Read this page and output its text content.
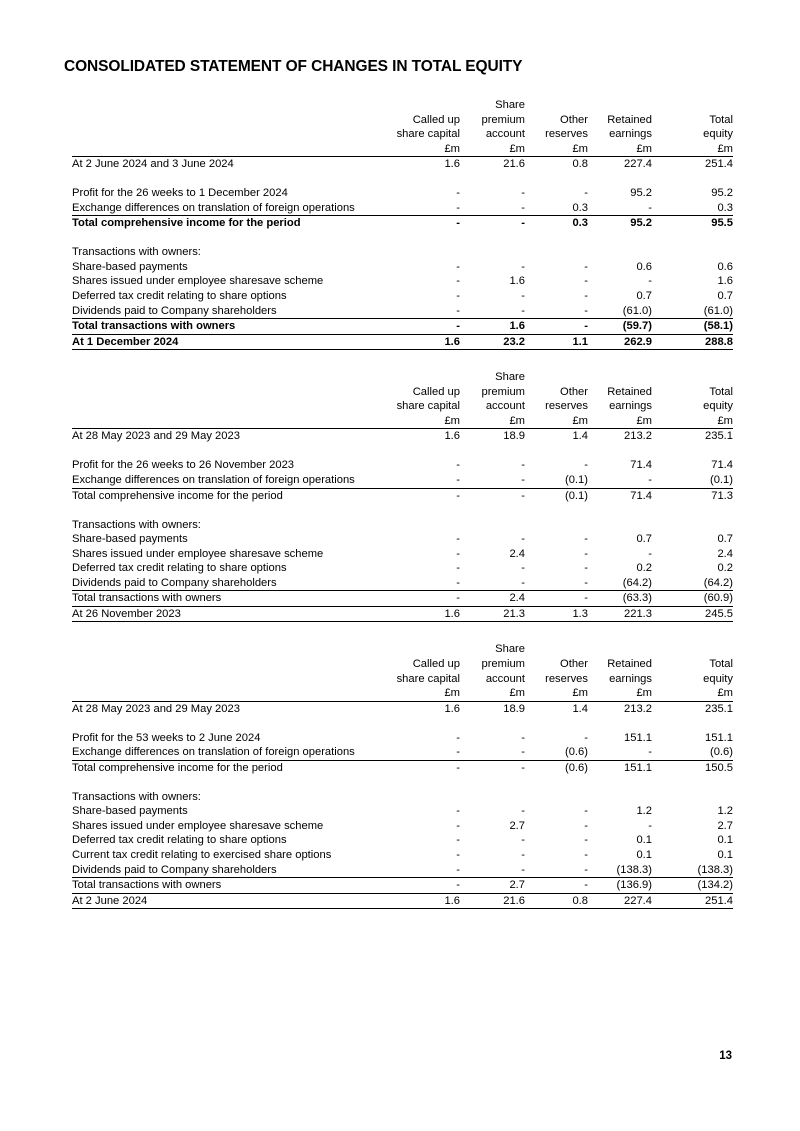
CONSOLIDATED STATEMENT OF CHANGES IN TOTAL EQUITY
		Share			
	Called up	premium	Other	Retained	Total
	share capital	account	reserves	earnings	equity
	£m	£m	£m	£m	£m
At 2 June 2024 and 3 June 2024	1.6	21.6	0.8	227.4	251.4

Profit for the 26 weeks to 1 December 2024	-	-	-	95.2	95.2
Exchange differences on translation of foreign operations	-	-	0.3	-	0.3
Total comprehensive income for the period	-	-	0.3	95.2	95.5

Transactions with owners:					
Share-based payments	-	-	-	0.6	0.6
Shares issued under employee sharesave scheme	-	1.6	-	-	1.6
Deferred tax credit relating to share options	-	-	-	0.7	0.7
Dividends paid to Company shareholders	-	-	-	(61.0)	(61.0)
Total transactions with owners	-	1.6	-	(59.7)	(58.1)
At 1 December 2024	1.6	23.2	1.1	262.9	288.8
		Share			
	Called up	premium	Other	Retained	Total
	share capital	account	reserves	earnings	equity
	£m	£m	£m	£m	£m
At 28 May 2023 and 29 May 2023	1.6	18.9	1.4	213.2	235.1

Profit for the 26 weeks to 26 November 2023	-	-	-	71.4	71.4
Exchange differences on translation of foreign operations	-	-	(0.1)	-	(0.1)
Total comprehensive income for the period	-	-	(0.1)	71.4	71.3

Transactions with owners:					
Share-based payments	-	-	-	0.7	0.7
Shares issued under employee sharesave scheme	-	2.4	-	-	2.4
Deferred tax credit relating to share options	-	-	-	0.2	0.2
Dividends paid to Company shareholders	-	-	-	(64.2)	(64.2)
Total transactions with owners	-	2.4	-	(63.3)	(60.9)
At 26 November 2023	1.6	21.3	1.3	221.3	245.5
		Share			
	Called up	premium	Other	Retained	Total
	share capital	account	reserves	earnings	equity
	£m	£m	£m	£m	£m
At 28 May 2023 and 29 May 2023	1.6	18.9	1.4	213.2	235.1

Profit for the 53 weeks to 2 June 2024	-	-	-	151.1	151.1
Exchange differences on translation of foreign operations	-	-	(0.6)	-	(0.6)
Total comprehensive income for the period	-	-	(0.6)	151.1	150.5

Transactions with owners:					
Share-based payments	-	-	-	1.2	1.2
Shares issued under employee sharesave scheme	-	2.7	-	-	2.7
Deferred tax credit relating to share options	-	-	-	0.1	0.1
Current tax credit relating to exercised share options	-	-	-	0.1	0.1
Dividends paid to Company shareholders	-	-	-	(138.3)	(138.3)
Total transactions with owners	-	2.7	-	(136.9)	(134.2)
At 2 June 2024	1.6	21.6	0.8	227.4	251.4
13
